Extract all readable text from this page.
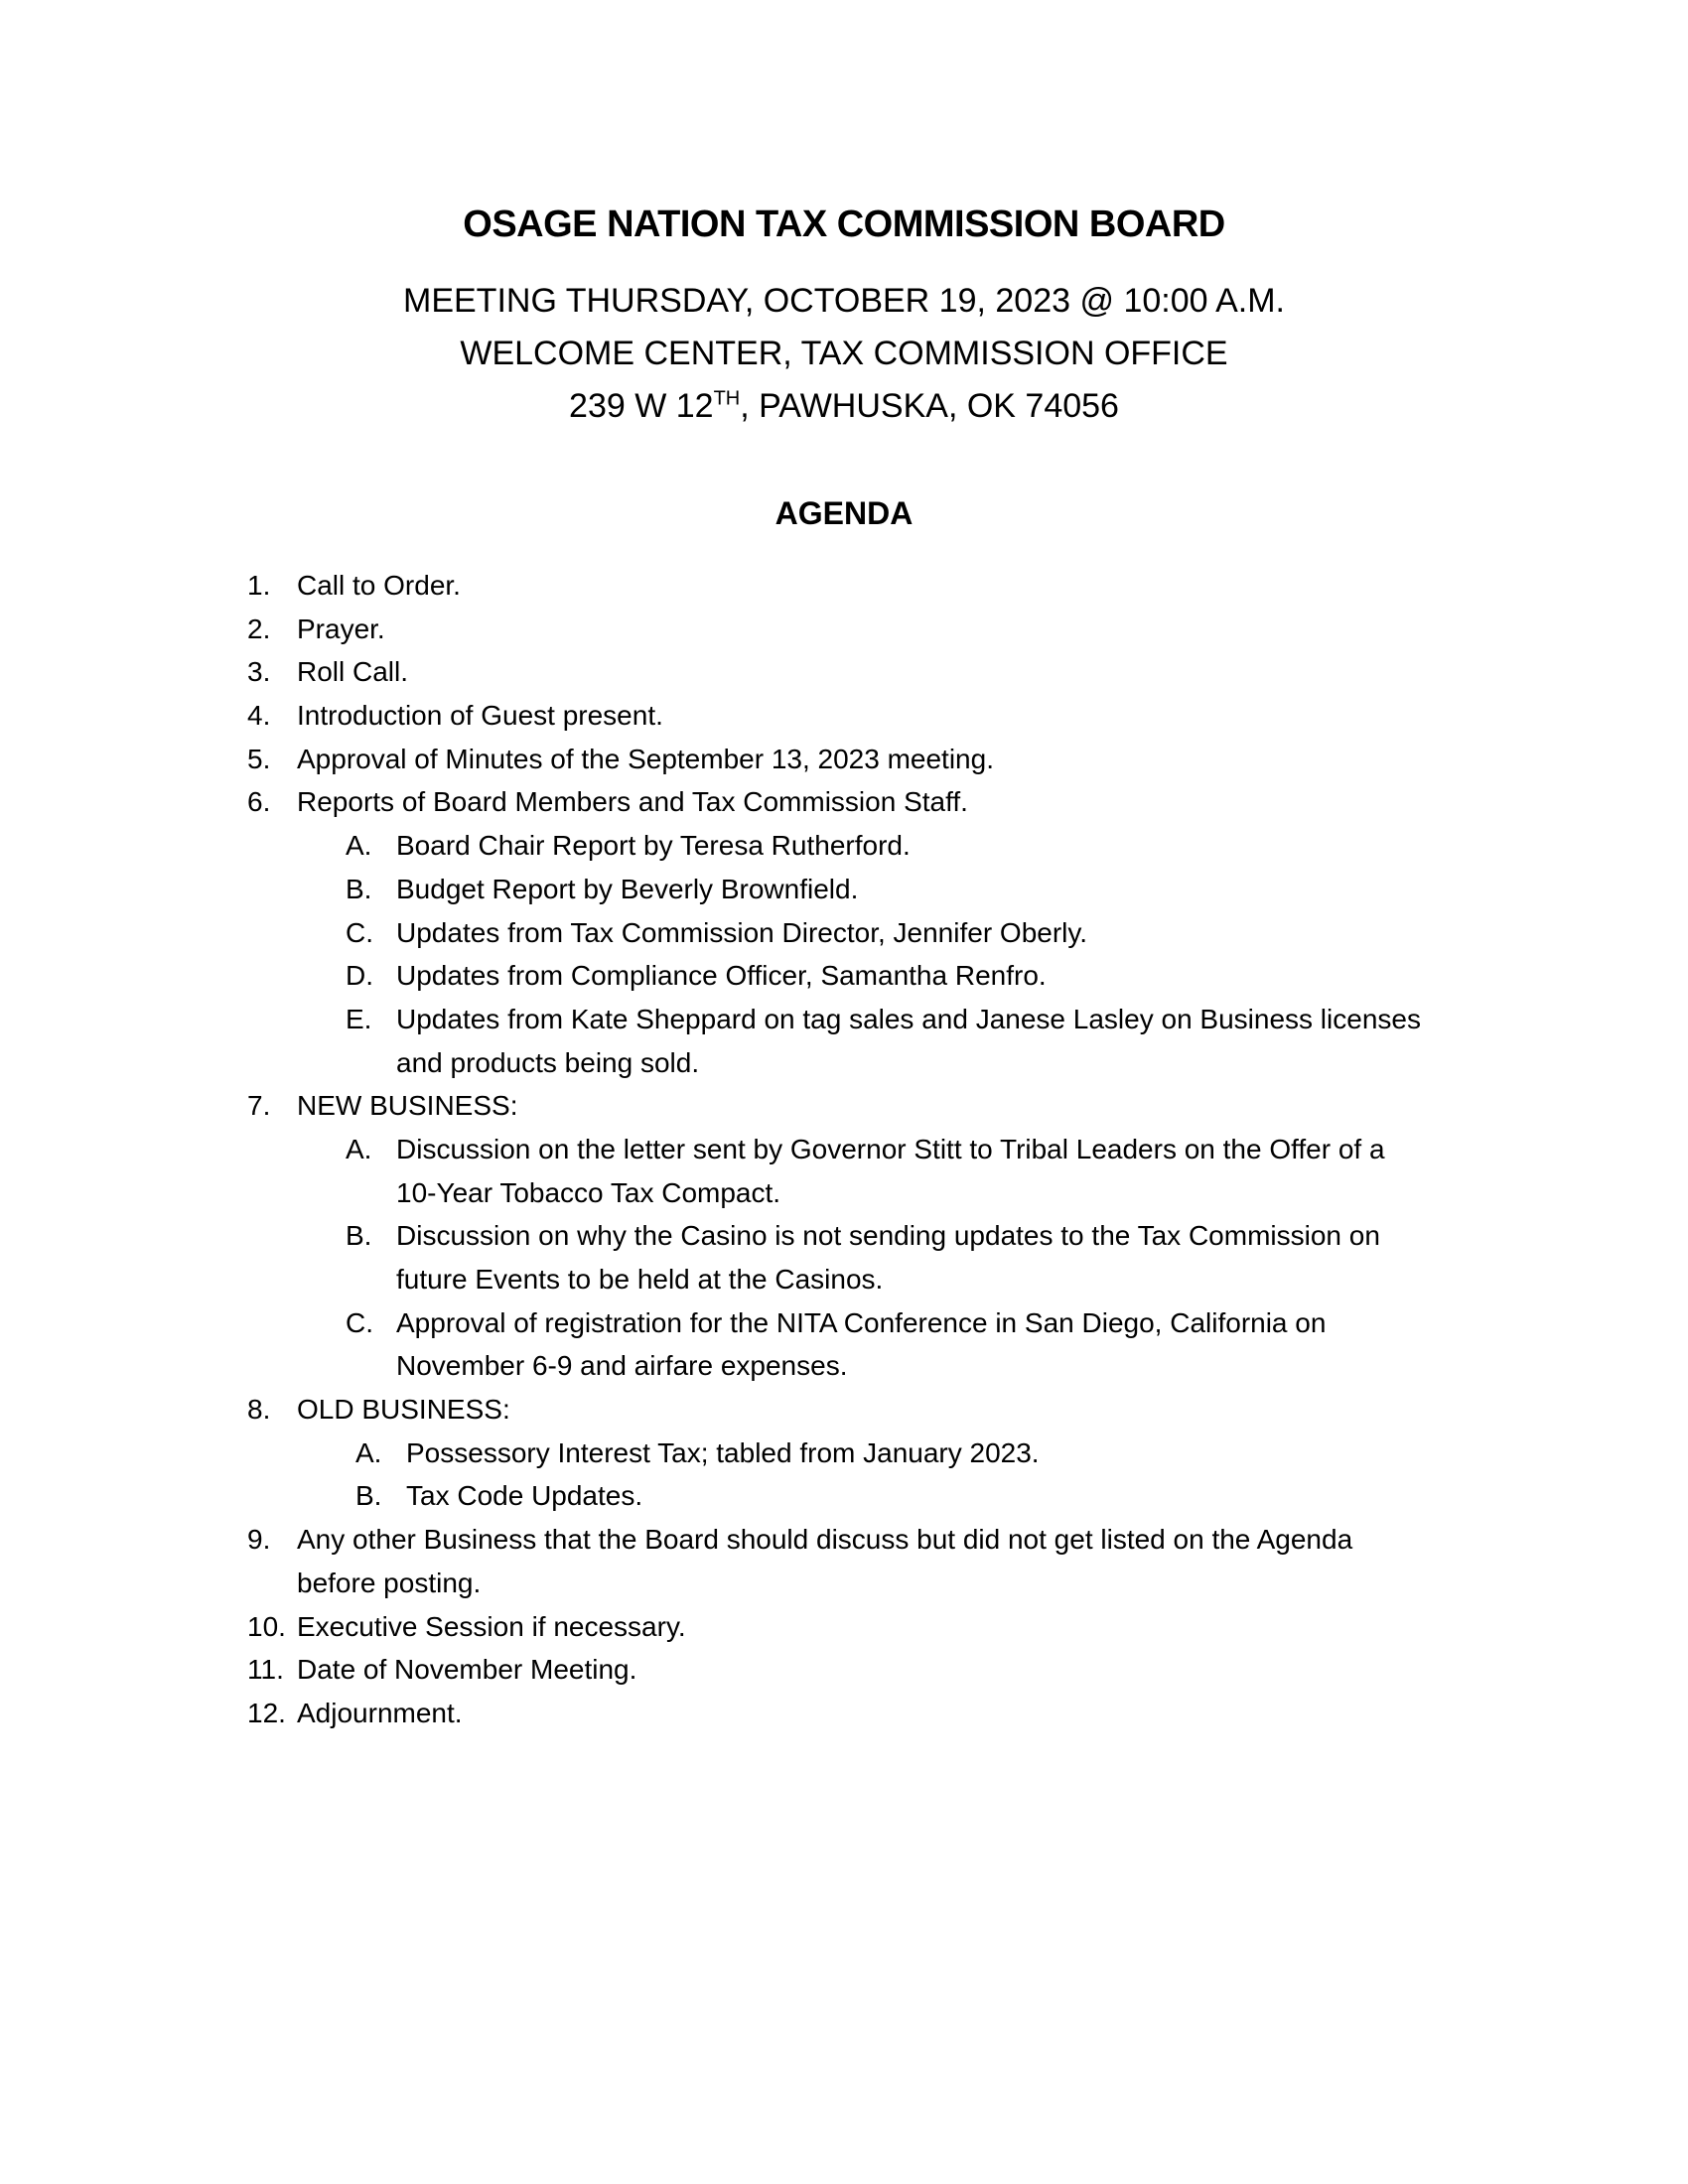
OSAGE NATION TAX COMMISSION BOARD
MEETING THURSDAY, OCTOBER 19, 2023 @ 10:00 A.M.
WELCOME CENTER, TAX COMMISSION OFFICE
239 W 12TH, PAWHUSKA, OK 74056
AGENDA
1. Call to Order.
2. Prayer.
3. Roll Call.
4. Introduction of Guest present.
5. Approval of Minutes of the September 13, 2023 meeting.
6. Reports of Board Members and Tax Commission Staff.
A. Board Chair Report by Teresa Rutherford.
B. Budget Report by Beverly Brownfield.
C. Updates from Tax Commission Director, Jennifer Oberly.
D. Updates from Compliance Officer, Samantha Renfro.
E. Updates from Kate Sheppard on tag sales and Janese Lasley on Business licenses
and products being sold.
7. NEW BUSINESS:
A. Discussion on the letter sent by Governor Stitt to Tribal Leaders on the Offer of a
10-Year Tobacco Tax Compact.
B. Discussion on why the Casino is not sending updates to the Tax Commission on
future Events to be held at the Casinos.
C. Approval of registration for the NITA Conference in San Diego, California on
November 6-9 and airfare expenses.
8. OLD BUSINESS:
A. Possessory Interest Tax; tabled from January 2023.
B. Tax Code Updates.
9. Any other Business that the Board should discuss but did not get listed on the Agenda
before posting.
10. Executive Session if necessary.
11. Date of November Meeting.
12. Adjournment.
